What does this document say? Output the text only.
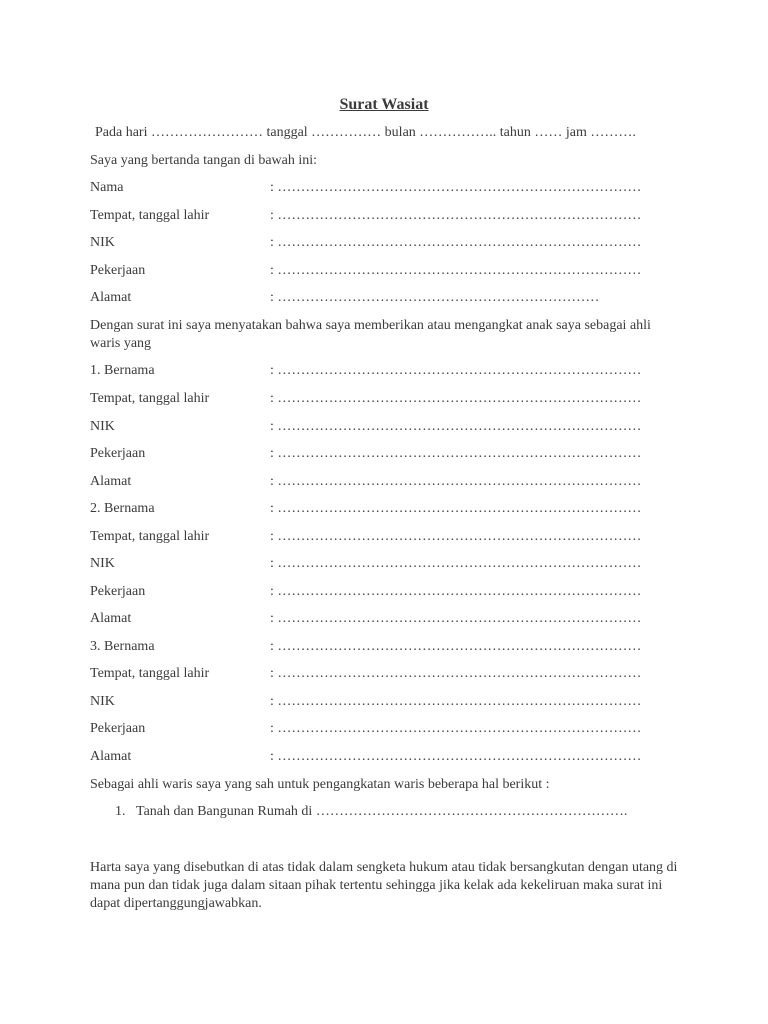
Surat Wasiat
Pada hari …………………… tanggal …………… bulan …………….. tahun …… jam ……….
Saya yang bertanda tangan di bawah ini:
Nama	: ……………………………………………………………………
Tempat, tanggal lahir	: ……………………………………………………………………
NIK	: ……………………………………………………………………
Pekerjaan	: ……………………………………………………………………
Alamat	: ……………………………………………………………
Dengan surat ini saya menyatakan bahwa saya memberikan atau mengangkat anak saya sebagai ahli waris yang
1. Bernama	: ……………………………………………………………………
Tempat, tanggal lahir	: ……………………………………………………………………
NIK	: ……………………………………………………………………
Pekerjaan	: ……………………………………………………………………
Alamat	: ……………………………………………………………………
2. Bernama	: ……………………………………………………………………
Tempat, tanggal lahir	: ……………………………………………………………………
NIK	: ……………………………………………………………………
Pekerjaan	: ……………………………………………………………………
Alamat	: ……………………………………………………………………
3. Bernama	: ……………………………………………………………………
Tempat, tanggal lahir	: ……………………………………………………………………
NIK	: ……………………………………………………………………
Pekerjaan	: ……………………………………………………………………
Alamat	: ……………………………………………………………………
Sebagai ahli waris saya yang sah untuk pengangkatan waris beberapa hal berikut :
1. Tanah dan Bangunan Rumah di ………………………………………………………….
Harta saya yang disebutkan di atas tidak dalam sengketa hukum atau tidak bersangkutan dengan utang di mana pun dan tidak juga dalam sitaan pihak tertentu sehingga jika kelak ada kekeliruan maka surat ini dapat dipertanggungjawabkan.
